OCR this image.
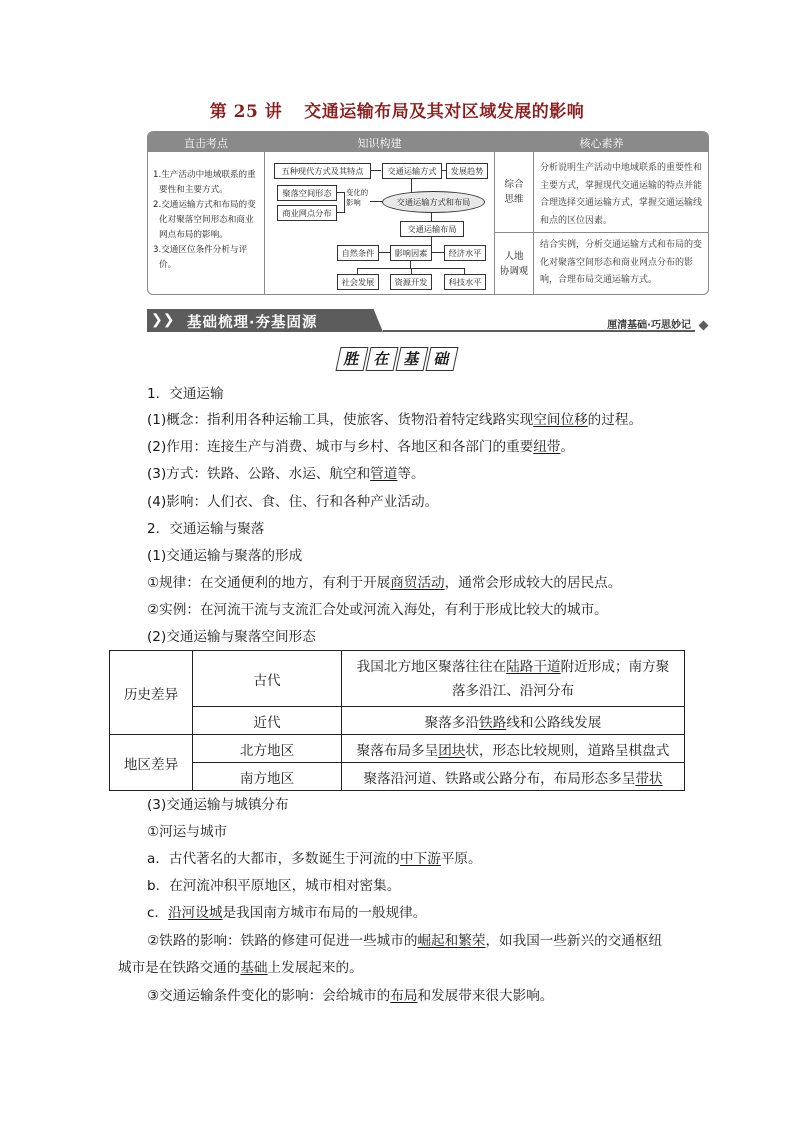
第 25 讲 交通运输布局及其对区域发展的影响
直击考点	知识构建	核心素养
1.生产活动中地域联系的重要性和主要方式。
2.交通运输方式和布局的变化对聚落空间形态和商业网点布局的影响。
3.交通区位条件分析与评价。
五种现代方式及其特点	交通运输方式	发展趋势
聚落空间形态
商业网点分布
变化的
影响	交通运输方式和布局
交通运输布局
自然条件	影响因素	经济水平
社会发展	资源开发	科技水平
综合
思维
分析说明生产活动中地域联系的重要性和主要方式，掌握现代交通运输的特点并能合理选择交通运输方式，掌握交通运输线和点的区位因素。
人地
协调观
结合实例，分析交通运输方式和布局的变化对聚落空间形态和商业网点分布的影响，合理布局交通运输方式。
❯❯ 基础梳理·夯基固源	厘清基础·巧思妙记
胜 在 基 础
1．交通运输
(1)概念：指利用各种运输工具，使旅客、货物沿着特定线路实现空间位移的过程。
(2)作用：连接生产与消费、城市与乡村、各地区和各部门的重要纽带。
(3)方式：铁路、公路、水运、航空和管道等。
(4)影响：人们衣、食、住、行和各种产业活动。
2．交通运输与聚落
(1)交通运输与聚落的形成
①规律：在交通便利的地方，有利于开展商贸活动，通常会形成较大的居民点。
②实例：在河流干流与支流汇合处或河流入海处，有利于形成比较大的城市。
(2)交通运输与聚落空间形态
历史差异	古代	我国北方地区聚落往往在陆路干道附近形成；南方聚
落多沿江、沿河分布

	近代	聚落多沿铁路线和公路线发展
地区差异	北方地区	聚落布局多呈团块状，形态比较规则，道路呈棋盘式
	南方地区	聚落沿河道、铁路或公路分布，布局形态多呈带状
(3)交通运输与城镇分布
①河运与城市
a．古代著名的大都市，多数诞生于河流的中下游平原。
b．在河流冲积平原地区，城市相对密集。
c．沿河设城是我国南方城市布局的一般规律。
②铁路的影响：铁路的修建可促进一些城市的崛起和繁荣，如我国一些新兴的交通枢纽
城市是在铁路交通的基础上发展起来的。
③交通运输条件变化的影响：会给城市的布局和发展带来很大影响。
